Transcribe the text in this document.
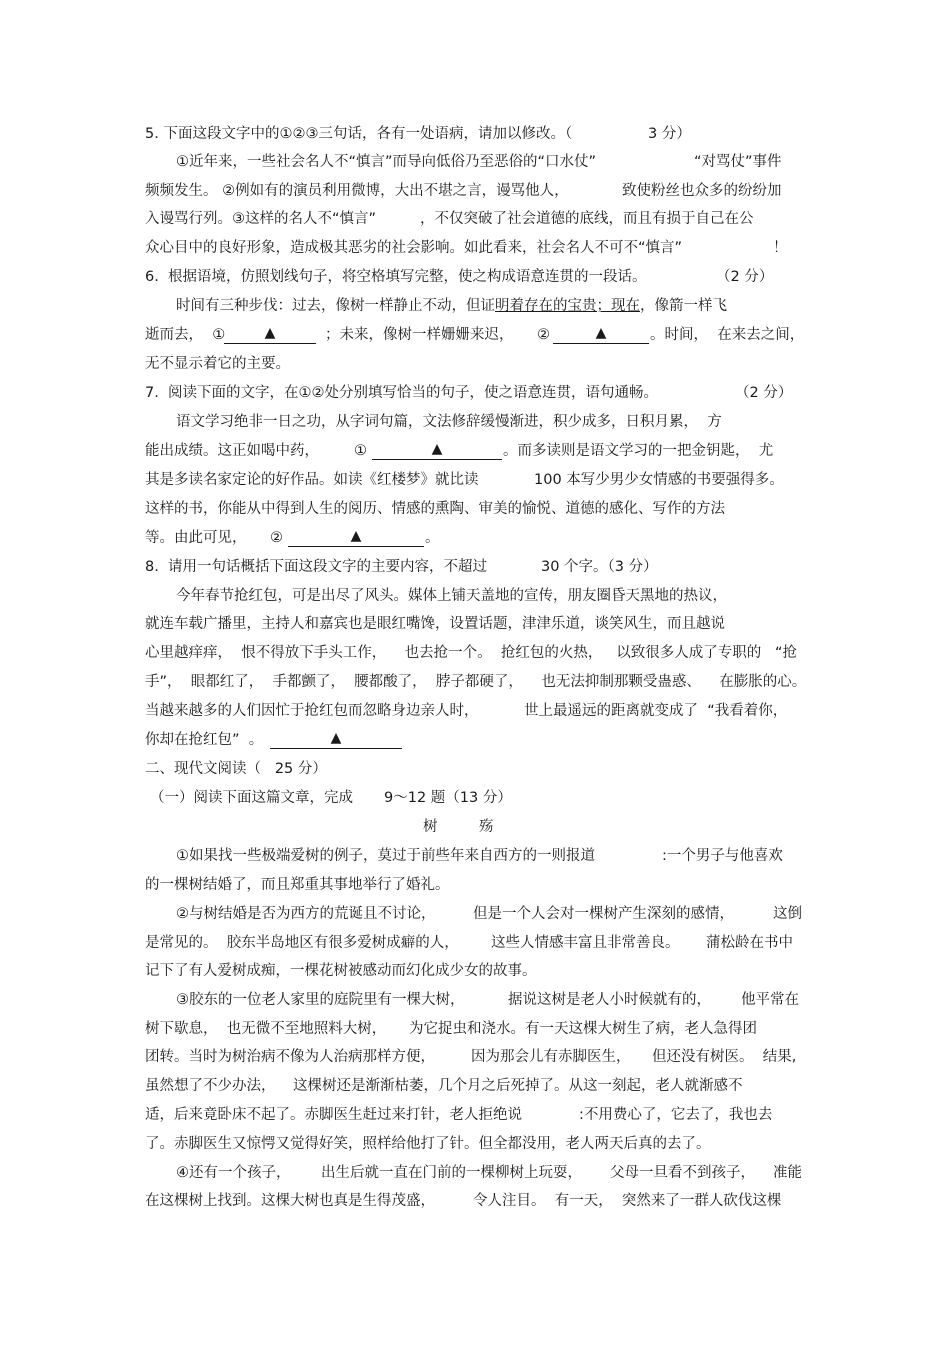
5. 下面这段文字中的①②③三句话，各有一处语病，请加以修改。（	3 分）
①近年来，一些社会名人不“慎言”而导向低俗乃至恶俗的“口水仗”	“对骂仗”事件
频频发生。 ②例如有的演员利用微博，大出不堪之言，谩骂他人，	致使粉丝也众多的纷纷加
入谩骂行列。③这样的名人不“慎言”	，不仅突破了社会道德的底线，而且有损于自己在公
众心目中的良好形象，造成极其恶劣的社会影响。如此看来，社会名人不可不“慎言”	！
6.  根据语境，仿照划线句子，将空格填写完整，使之构成语意连贯的一段话。	（2 分）
时间有三种步伐：过去，像树一样静止不动，但证明着存在的宝贵；现在，像箭一样飞
逝而去，  ①	▲	；未来，像树一样姗姗来迟， ②	▲	。时间，  在来去之间，
无不显示着它的主要。
7.  阅读下面的文字，在①②处分别填写恰当的句子，使之语意连贯，语句通畅。	（2 分）
语文学习绝非一日之功，从字词句篇，文法修辞缓慢渐进，积少成多，日积月累，  方
能出成绩。这正如喝中药， ①	▲	。而多读则是语文学习的一把金钥匙，  尤
其是多读名家定论的好作品。如读《红楼梦》就比读	100 本写少男少女情感的书要强得多。
这样的书，你能从中得到人生的阅历、情感的熏陶、审美的愉悦、道德的感化、写作的方法
等。由此可见， ②	▲	。
8.  请用一句话概括下面这段文字的主要内容，不超过	30 个字。（3 分）
今年春节抢红包，可是出尽了风头。媒体上铺天盖地的宣传，朋友圈昏天黑地的热议，
就连车载广播里，主持人和嘉宾也是眼红嘴馋，设置话题，津津乐道，谈笑风生，而且越说
心里越痒痒，  恨不得放下手头工作，    也去抢一个。  抢红包的火热，   以致很多人成了专职的   “抢
手”，  眼都红了，  手都颤了，  腰都酸了，  脖子都硬了，    也无法抑制那颗受蛊惑、    在膨胀的心。
当越来越多的人们因忙于抢红包而忽略身边亲人时，	世上最遥远的距离就变成了  “我看着你，
你却在抢红包”  。	▲
二、现代文阅读（   25 分）
（一）阅读下面这篇文章，完成 9～12 题（13 分）
树	殇
①如果找一些极端爱树的例子，莫过于前些年来自西方的一则报道	:一个男子与他喜欢
的一棵树结婚了，而且郑重其事地举行了婚礼。
②与树结婚是否为西方的荒诞且不讨论，	但是一个人会对一棵树产生深刻的感情，	这倒
是常见的。  胶东半岛地区有很多爱树成癖的人， 这些人情感丰富且非常善良。 蒲松龄在书中
记下了有人爱树成痴，一棵花树被感动而幻化成少女的故事。
③胶东的一位老人家里的庭院里有一棵大树，	据说这树是老人小时候就有的， 他平常在
树下歇息，  也无微不至地照料大树， 为它捉虫和浇水。有一天这棵大树生了病，老人急得团
团转。当时为树治病不像为人治病那样方便， 因为那会儿有赤脚医生， 但还没有树医。  结果,
虽然想了不少办法， 这棵树还是渐渐枯萎，几个月之后死掉了。从这一刻起，老人就渐感不
适，后来竟卧床不起了。赤脚医生赶过来打针，老人拒绝说	:不用费心了，它去了，我也去
了。赤脚医生又惊愕又觉得好笑，照样给他打了针。但全都没用，老人两天后真的去了。
④还有一个孩子， 出生后就一直在门前的一棵柳树上玩耍， 父母一旦看不到孩子， 准能
在这棵树上找到。这棵大树也真是生得茂盛，	令人注目。  有一天，  突然来了一群人砍伐这棵
